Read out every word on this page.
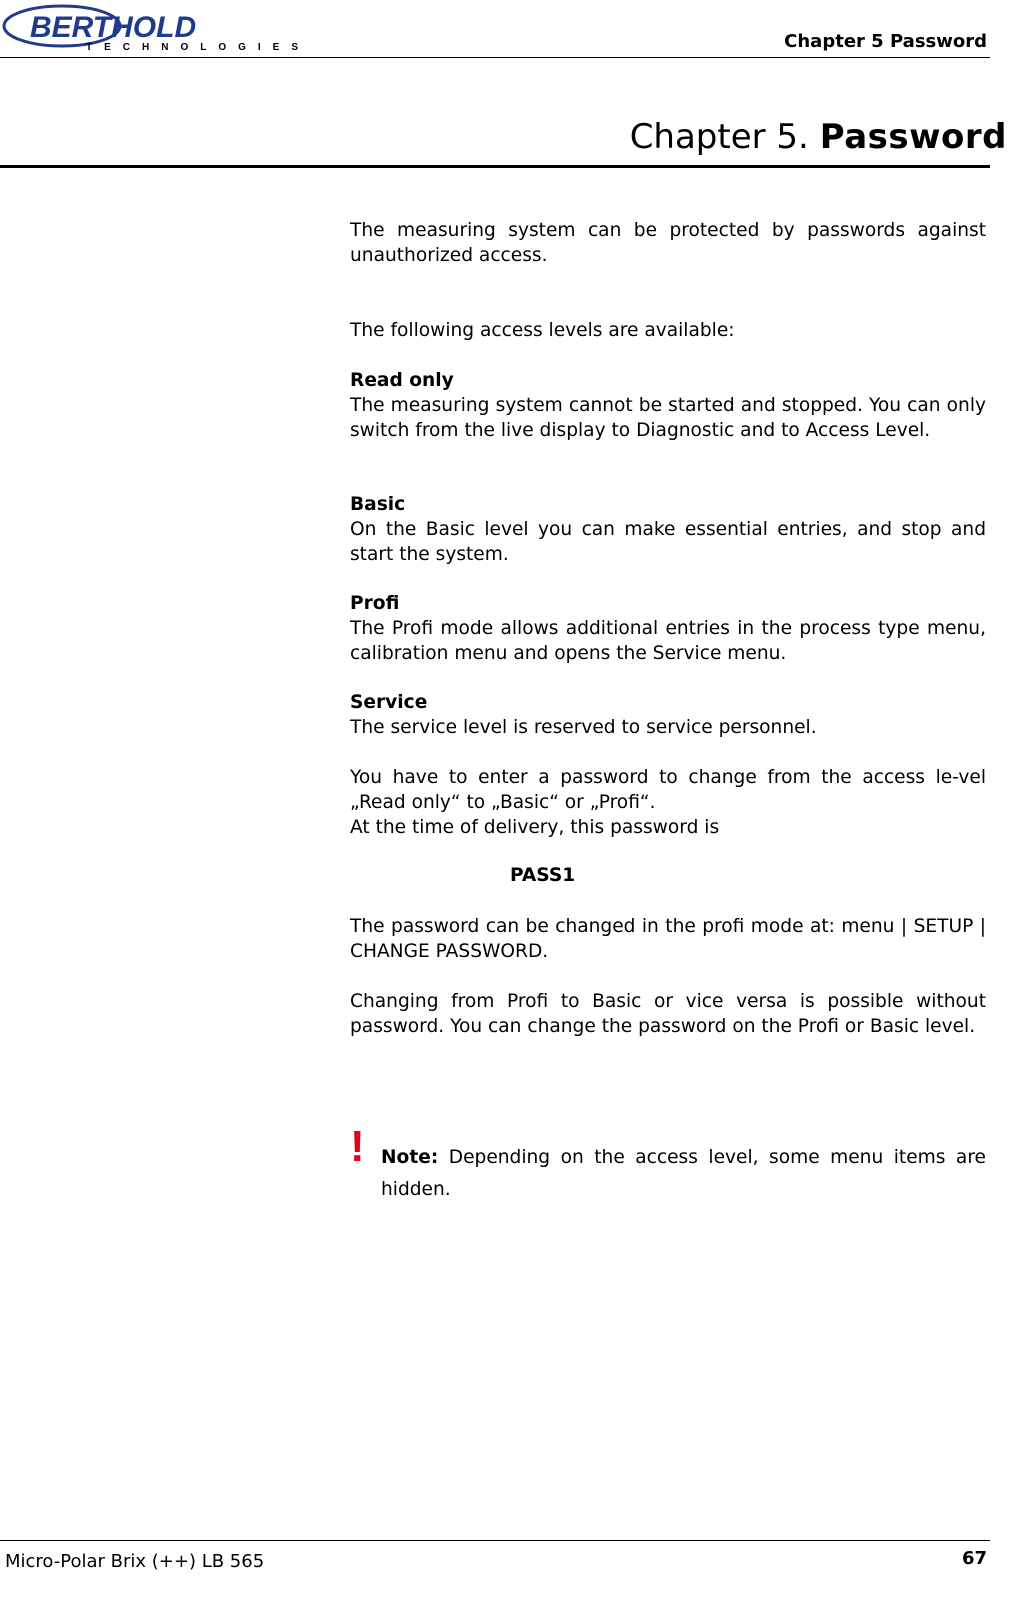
BERTHOLD
TECHNOLOGIES	Chapter 5 Password
Chapter 5. Password

The measuring system can be protected by passwords against unauthorized access.

The following access levels are available:

Read only

The measuring system cannot be started and stopped. You can only switch from the live display to Diagnostic and to Access Level.

Basic

On the Basic level you can make essential entries, and stop and start the system.

Profi

The Profi mode allows additional entries in the process type menu, calibration menu and opens the Service menu.

Service

The service level is reserved to service personnel.

You have to enter a password to change from the access le-vel „Read only“ to „Basic“ or „Profi“.

At the time of delivery, this password is

PASS1

The password can be changed in the profi mode at: menu | SETUP | CHANGE PASSWORD.

Changing from Profi to Basic or vice versa is possible without password. You can change the password on the Profi or Basic level.

! Note: Depending on the access level, some menu items are hidden.
Micro-Polar Brix (++) LB 565	67
